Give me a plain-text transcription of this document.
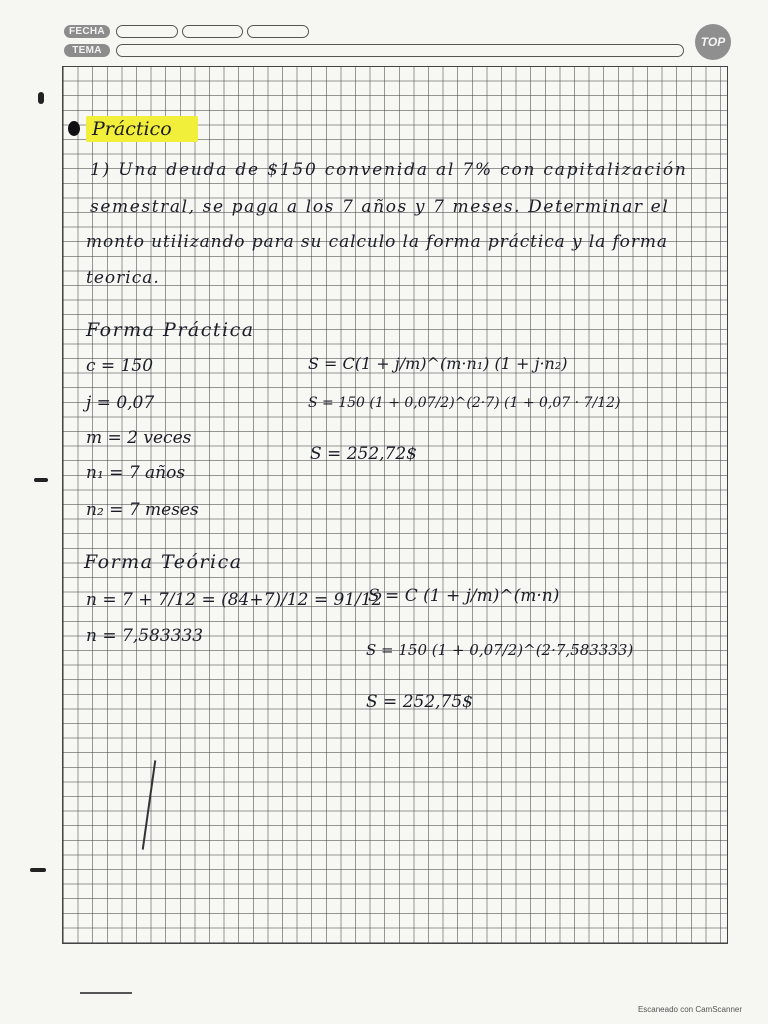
FECHA
TEMA
TOP
Práctico
1) Una deuda de $150 convenida al 7% con capitalización
semestral, se paga a los 7 años y 7 meses. Determinar el
monto utilizando para su calculo la forma práctica y la forma
teorica.
Forma Práctica
c = 150
j = 0,07
m = 2 veces
n₁ = 7 años
n₂ = 7 meses
S = C(1 + j/m)^(m·n₁) (1 + j·n₂)
S = 150 (1 + 0,07/2)^(2·7) (1 + 0,07 · 7/12)
S = 252,72$
Forma Teórica
n = 7 + 7/12 = (84+7)/12 = 91/12
n = 7,583333
S = C (1 + j/m)^(m·n)
S = 150 (1 + 0,07/2)^(2·7,583333)
S = 252,75$
Escaneado con CamScanner
